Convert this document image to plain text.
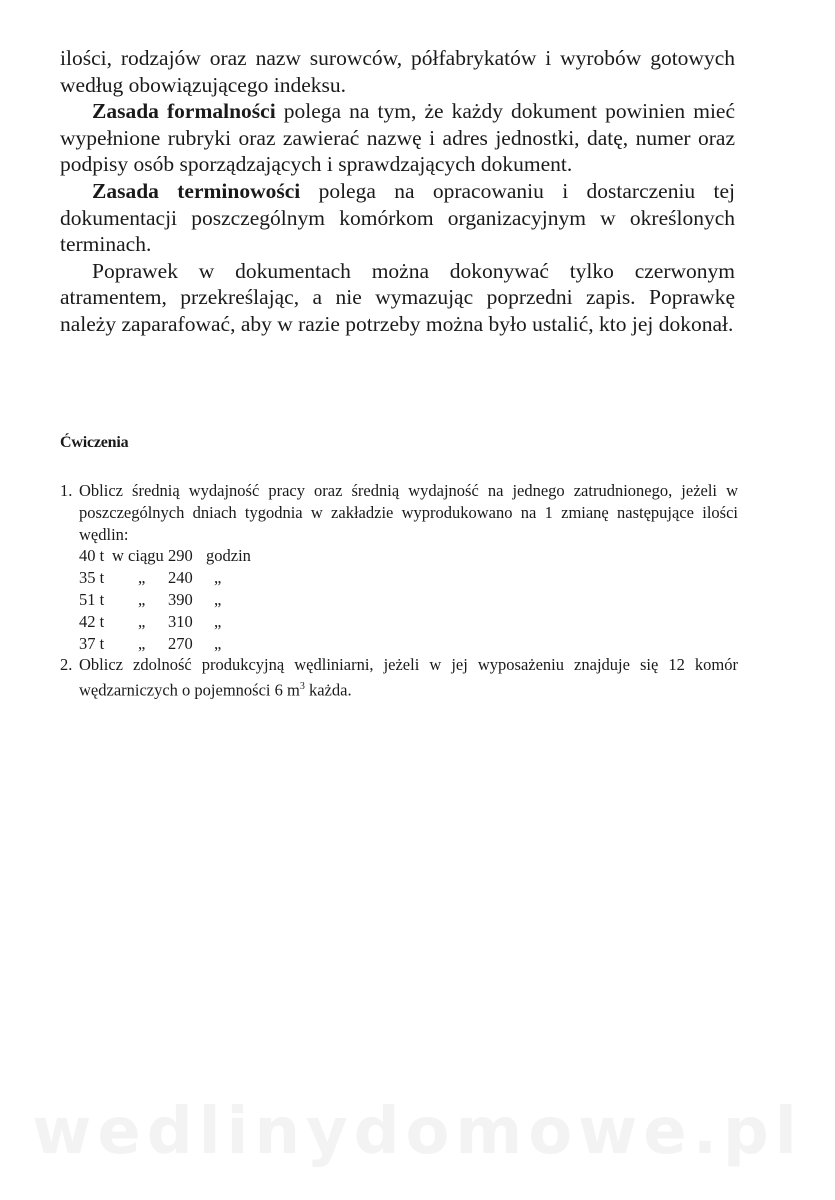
ilości, rodzajów oraz nazw surowców, półfabrykatów i wyrobów gotowych według obowiązującego indeksu.

Zasada formalności polega na tym, że każdy dokument powinien mieć wypełnione rubryki oraz zawierać nazwę i adres jednostki, datę, numer oraz podpisy osób sporządzających i sprawdzających dokument.

Zasada terminowości polega na opracowaniu i dostarczeniu tej dokumentacji poszczególnym komórkom organizacyjnym w określonych terminach.

Poprawek w dokumentach można dokonywać tylko czerwonym atramentem, przekreślając, a nie wymazując poprzedni zapis. Poprawkę należy zaparafować, aby w razie potrzeby można było ustalić, kto jej dokonał.

Ćwiczenia
1. Oblicz średnią wydajność pracy oraz średnią wydajność na jednego zatrudnionego, jeżeli w poszczególnych dniach tygodnia w zakładzie wyprodukowano na 1 zmianę następujące ilości wędlin:
40 t w ciągu 290 godzin
35 t	„	240	„
51 t	„	390	„
42 t	„	310	„
37 t	„	270	„
2. Oblicz zdolność produkcyjną wędliniarni, jeżeli w jej wyposażeniu znajduje się 12 komór wędzarniczych o pojemności 6 $m^3$ każda.
wedlinydomowe.pl
